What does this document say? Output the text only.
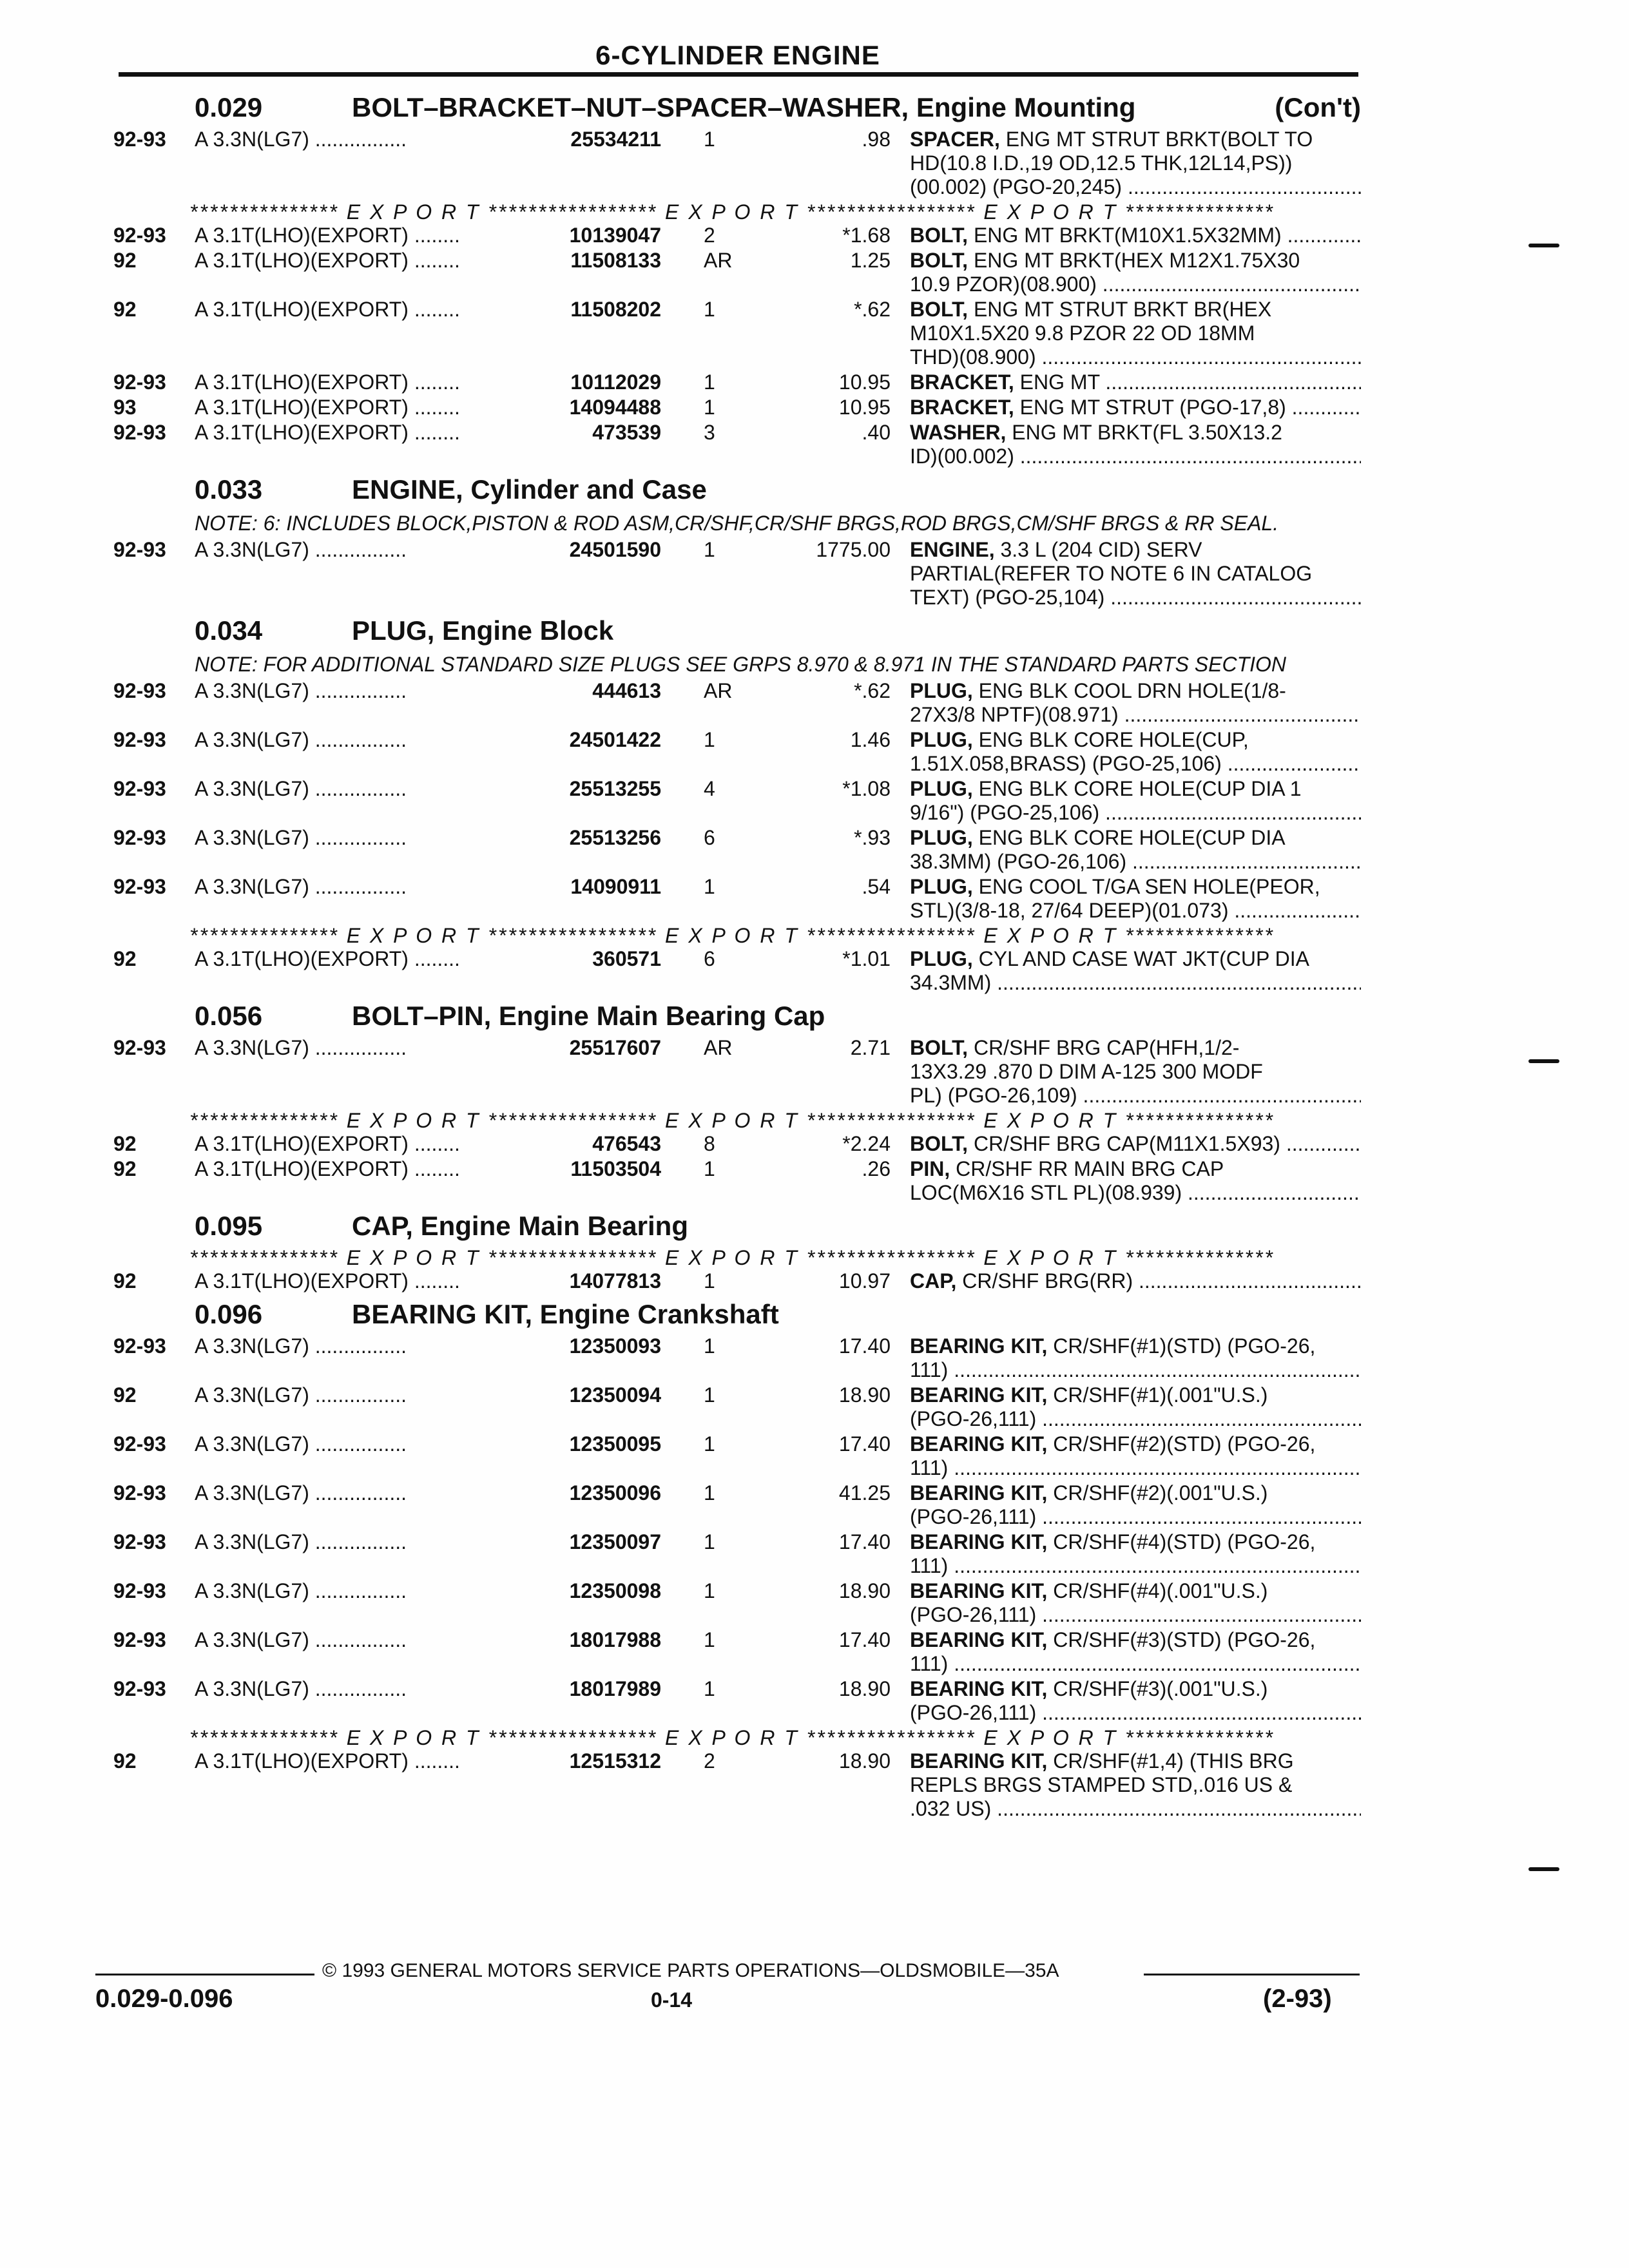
6-CYLINDER ENGINE
0.029	BOLT–BRACKET–NUT–SPACER–WASHER, Engine Mounting	(Con't)
92-93 A 3.3N(LG7) ................	25534211 1	.98 SPACER, ENG MT STRUT BRKT(BOLT TO
HD(10.8 I.D.,19 OD,12.5 THK,12L14,PS))
(00.002) (PGO-20,245) .....
*************** E X P O R T ***************** E X P O R T ***************** E X P O R T ***************
92-93 A 3.1T(LHO)(EXPORT) ........	10139047 2	*1.68 BOLT, ENG MT BRKT(M10X1.5X32MM) .....
92	A 3.1T(LHO)(EXPORT) ........	11508133 AR	1.25 BOLT, ENG MT BRKT(HEX M12X1.75X30
10.9 PZOR)(08.900) .....
92	A 3.1T(LHO)(EXPORT) ........	11508202 1	*.62 BOLT, ENG MT STRUT BRKT BR(HEX
M10X1.5X20 9.8 PZOR 22 OD 18MM
THD)(08.900) .....
92-93 A 3.1T(LHO)(EXPORT) ........	10112029 1	10.95 BRACKET, ENG MT .....
93	A 3.1T(LHO)(EXPORT) ........	14094488 1	10.95 BRACKET, ENG MT STRUT (PGO-17,8) .....
92-93 A 3.1T(LHO)(EXPORT) ........	473539 3	.40 WASHER, ENG MT BRKT(FL 3.50X13.2
ID)(00.002) .....
0.033	ENGINE, Cylinder and Case
NOTE: 6: INCLUDES BLOCK,PISTON & ROD ASM,CR/SHF,CR/SHF BRGS,ROD BRGS,CM/SHF BRGS & RR SEAL.
92-93 A 3.3N(LG7) ................	24501590 1	1775.00 ENGINE, 3.3 L (204 CID) SERV
PARTIAL(REFER TO NOTE 6 IN CATALOG
TEXT) (PGO-25,104) .....
0.034	PLUG, Engine Block
NOTE: FOR ADDITIONAL STANDARD SIZE PLUGS SEE GRPS 8.970 & 8.971 IN THE STANDARD PARTS SECTION
92-93 A 3.3N(LG7) ................	444613 AR	*.62 PLUG, ENG BLK COOL DRN HOLE(1/8-
27X3/8 NPTF)(08.971) .....
92-93 A 3.3N(LG7) ................	24501422 1	1.46 PLUG, ENG BLK CORE HOLE(CUP,
1.51X.058,BRASS) (PGO-25,106) .....
92-93 A 3.3N(LG7) ................	25513255 4	*1.08 PLUG, ENG BLK CORE HOLE(CUP DIA 1
9/16") (PGO-25,106) .....
92-93 A 3.3N(LG7) ................	25513256 6	*.93 PLUG, ENG BLK CORE HOLE(CUP DIA
38.3MM) (PGO-26,106) .....
92-93 A 3.3N(LG7) ................	14090911 1	.54 PLUG, ENG COOL T/GA SEN HOLE(PEOR,
STL)(3/8-18, 27/64 DEEP)(01.073) .....
*************** E X P O R T ***************** E X P O R T ***************** E X P O R T ***************
92	A 3.1T(LHO)(EXPORT) ........	360571 6	*1.01 PLUG, CYL AND CASE WAT JKT(CUP DIA
34.3MM) .....
0.056	BOLT–PIN, Engine Main Bearing Cap
92-93 A 3.3N(LG7) ................	25517607 AR	2.71 BOLT, CR/SHF BRG CAP(HFH,1/2-
13X3.29 .870 D DIM A-125 300 MODF
PL) (PGO-26,109) .....
*************** E X P O R T ***************** E X P O R T ***************** E X P O R T ***************
92	A 3.1T(LHO)(EXPORT) ........	476543 8	*2.24 BOLT, CR/SHF BRG CAP(M11X1.5X93) .....
92	A 3.1T(LHO)(EXPORT) ........	11503504 1	.26 PIN, CR/SHF RR MAIN BRG CAP
LOC(M6X16 STL PL)(08.939) .....
0.095	CAP, Engine Main Bearing
*************** E X P O R T ***************** E X P O R T ***************** E X P O R T ***************
92	A 3.1T(LHO)(EXPORT) ........	14077813 1	10.97 CAP, CR/SHF BRG(RR) .....
0.096	BEARING KIT, Engine Crankshaft
92-93 A 3.3N(LG7) ................	12350093 1	17.40 BEARING KIT, CR/SHF(#1)(STD) (PGO-26,
111) .....
92	A 3.3N(LG7) ................	12350094 1	18.90 BEARING KIT, CR/SHF(#1)(.001"U.S.)
(PGO-26,111) .....
92-93 A 3.3N(LG7) ................	12350095 1	17.40 BEARING KIT, CR/SHF(#2)(STD) (PGO-26,
111) .....
92-93 A 3.3N(LG7) ................	12350096 1	41.25 BEARING KIT, CR/SHF(#2)(.001"U.S.)
(PGO-26,111) .....
92-93 A 3.3N(LG7) ................	12350097 1	17.40 BEARING KIT, CR/SHF(#4)(STD) (PGO-26,
111) .....
92-93 A 3.3N(LG7) ................	12350098 1	18.90 BEARING KIT, CR/SHF(#4)(.001"U.S.)
(PGO-26,111) .....
92-93 A 3.3N(LG7) ................	18017988 1	17.40 BEARING KIT, CR/SHF(#3)(STD) (PGO-26,
111) .....
92-93 A 3.3N(LG7) ................	18017989 1	18.90 BEARING KIT, CR/SHF(#3)(.001"U.S.)
(PGO-26,111) .....
*************** E X P O R T ***************** E X P O R T ***************** E X P O R T ***************
92	A 3.1T(LHO)(EXPORT) ........	12515312 2	18.90 BEARING KIT, CR/SHF(#1,4) (THIS BRG
REPLS BRGS STAMPED STD,.016 US &
.032 US) .....
© 1993 GENERAL MOTORS SERVICE PARTS OPERATIONS—OLDSMOBILE—35A
0.029-0.096	0-14	(2-93)
